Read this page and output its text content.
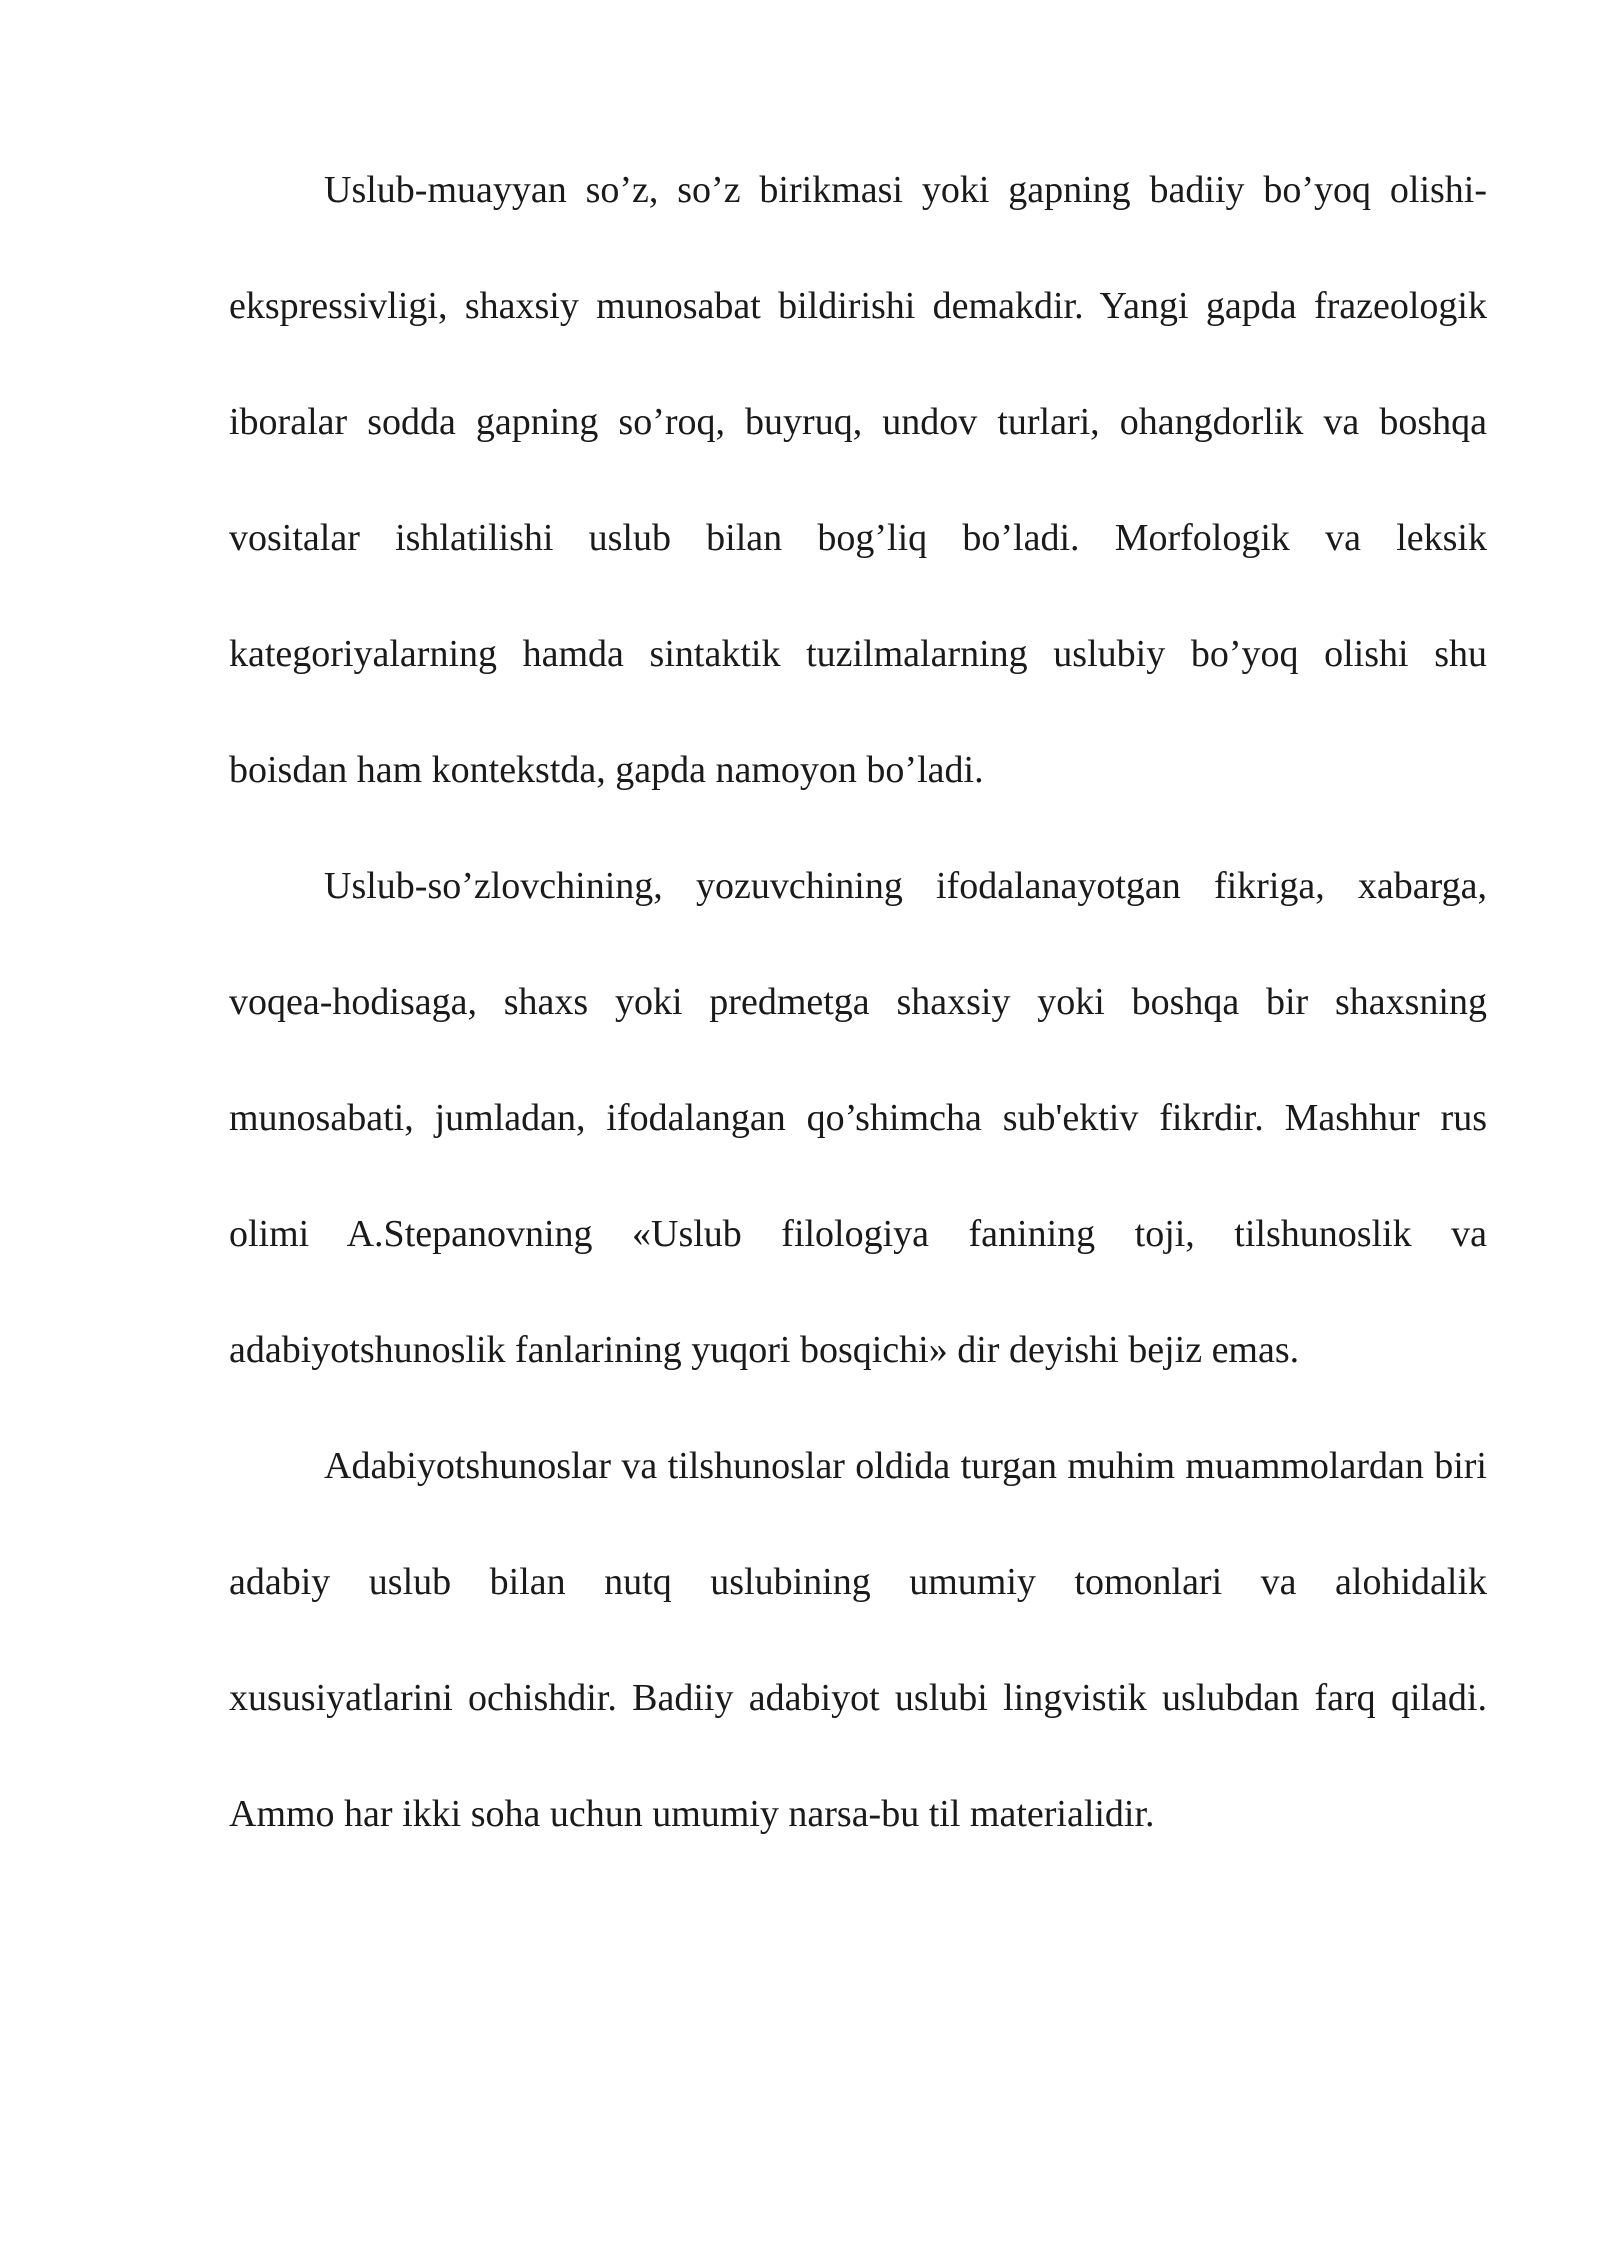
Uslub-muayyan so’z, so’z birikmasi yoki gapning badiiy bo’yoq olishi-ekspressivligi, shaxsiy munosabat bildirishi demakdir. Yangi gapda frazeologik iboralar sodda gapning so’roq, buyruq, undov turlari, ohangdorlik va boshqa vositalar ishlatilishi uslub bilan bog’liq bo’ladi. Morfologik va leksik kategoriyalarning hamda sintaktik tuzilmalarning uslubiy bo’yoq olishi shu boisdan ham kontekstda, gapda namoyon bo’ladi.

Uslub-so’zlovchining, yozuvchining ifodalanayotgan fikriga, xabarga, voqea-hodisaga, shaxs yoki predmetga shaxsiy yoki boshqa bir shaxsning munosabati, jumladan, ifodalangan qo’shimcha sub'ektiv fikrdir. Mashhur rus olimi A.Stepanovning «Uslub filologiya fanining toji, tilshunoslik va adabiyotshunoslik fanlarining yuqori bosqichi» dir deyishi bejiz emas.

Adabiyotshunoslar va tilshunoslar oldida turgan muhim muammolardan biri adabiy uslub bilan nutq uslubining umumiy tomonlari va alohidalik xususiyatlarini ochishdir. Badiiy adabiyot uslubi lingvistik uslubdan farq qiladi. Ammo har ikki soha uchun umumiy narsa-bu til materialidir.
